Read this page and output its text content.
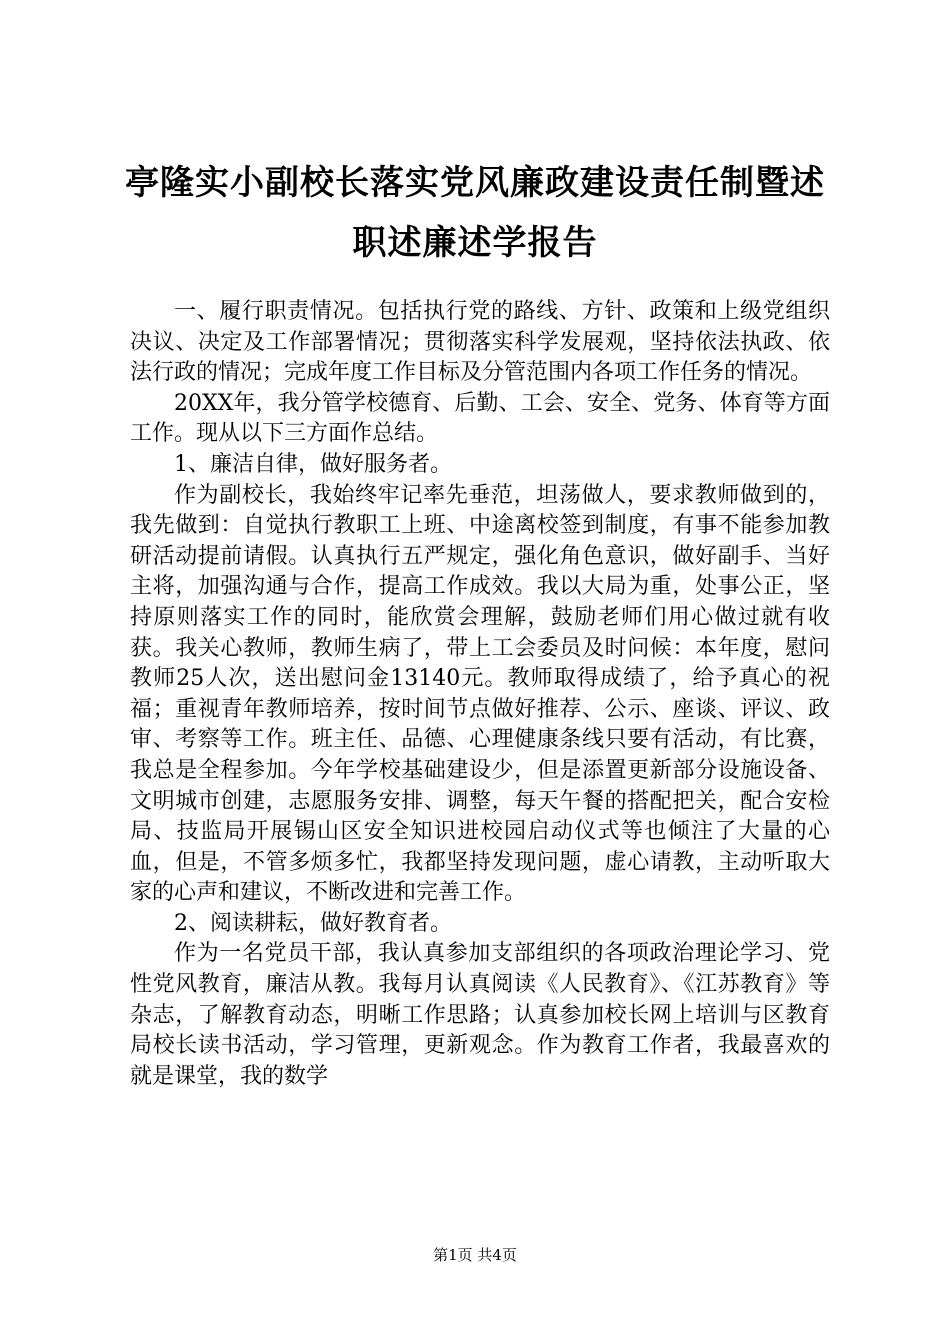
亭隆实小副校长落实党风廉政建设责任制暨述
职述廉述学报告

一、履行职责情况。包括执行党的路线、方针、政策和上级党组织决议、决定及工作部署情况；贯彻落实科学发展观，坚持依法执政、依法行政的情况；完成年度工作目标及分管范围内各项工作任务的情况。

20XX年，我分管学校德育、后勤、工会、安全、党务、体育等方面工作。现从以下三方面作总结。

1、廉洁自律，做好服务者。

作为副校长，我始终牢记率先垂范，坦荡做人，要求教师做到的，我先做到：自觉执行教职工上班、中途离校签到制度，有事不能参加教研活动提前请假。认真执行五严规定，强化角色意识，做好副手、当好主将，加强沟通与合作，提高工作成效。我以大局为重，处事公正，坚持原则落实工作的同时，能欣赏会理解，鼓励老师们用心做过就有收获。我关心教师，教师生病了，带上工会委员及时问候：本年度，慰问教师25人次，送出慰问金13140元。教师取得成绩了，给予真心的祝福；重视青年教师培养，按时间节点做好推荐、公示、座谈、评议、政审、考察等工作。班主任、品德、心理健康条线只要有活动，有比赛，我总是全程参加。今年学校基础建设少，但是添置更新部分设施设备、文明城市创建，志愿服务安排、调整，每天午餐的搭配把关，配合安检局、技监局开展锡山区安全知识进校园启动仪式等也倾注了大量的心血，但是，不管多烦多忙，我都坚持发现问题，虚心请教，主动听取大家的心声和建议，不断改进和完善工作。

2、阅读耕耘，做好教育者。

作为一名党员干部，我认真参加支部组织的各项政治理论学习、党性党风教育，廉洁从教。我每月认真阅读《人民教育》、《江苏教育》等杂志，了解教育动态，明晰工作思路；认真参加校长网上培训与区教育局校长读书活动，学习管理，更新观念。作为教育工作者，我最喜欢的就是课堂，我的数学

第1页 共4页
